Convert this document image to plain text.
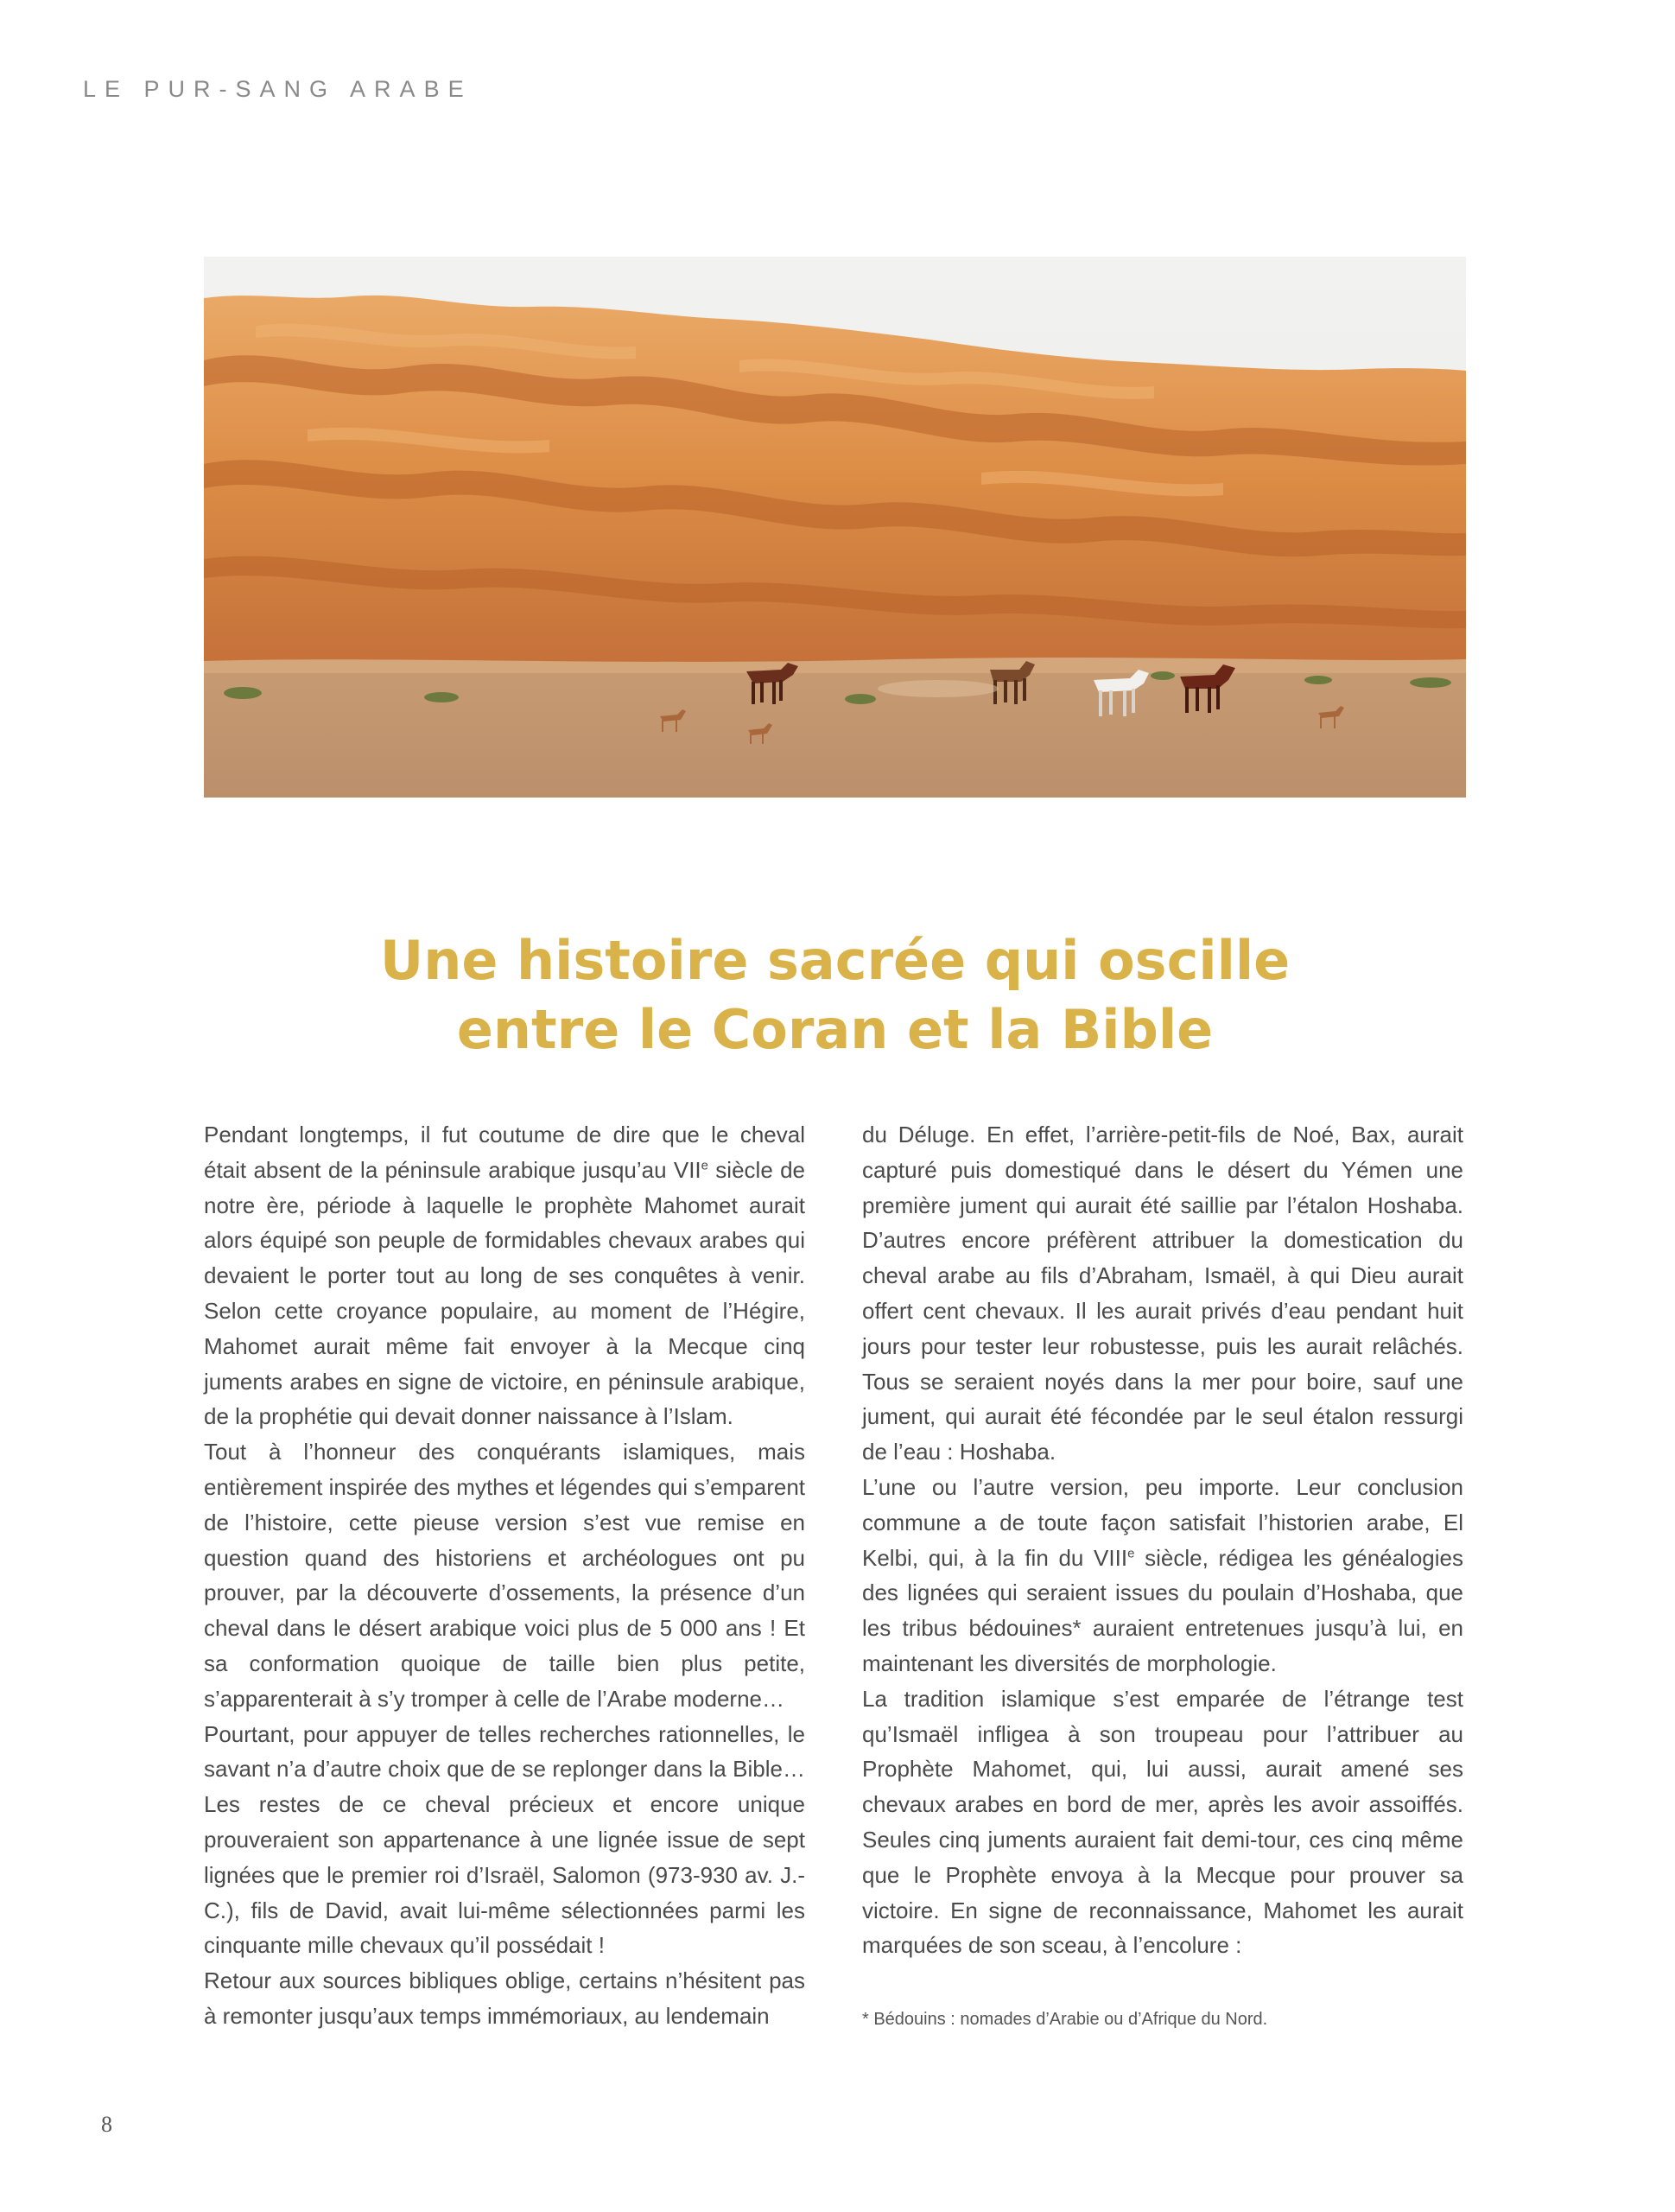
LE PUR-SANG ARABE
Une histoire sacrée qui oscille
entre le Coran et la Bible

Pendant longtemps, il fut coutume de dire que le cheval était absent de la péninsule arabique jusqu’au VIIe siècle de notre ère, période à laquelle le prophète Mahomet aurait alors équipé son peuple de formidables chevaux arabes qui devaient le porter tout au long de ses conquêtes à venir. Selon cette croyance populaire, au moment de l’Hégire, Mahomet aurait même fait envoyer à la Mecque cinq juments arabes en signe de victoire, en péninsule arabique, de la prophétie qui devait donner naissance à l’Islam.

Tout à l’honneur des conquérants islamiques, mais entièrement inspirée des mythes et légendes qui s’emparent de l’histoire, cette pieuse version s’est vue remise en question quand des historiens et archéologues ont pu prouver, par la découverte d’ossements, la présence d’un cheval dans le désert arabique voici plus de 5 000 ans ! Et sa conformation quoique de taille bien plus petite, s’apparenterait à s’y tromper à celle de l’Arabe moderne…

Pourtant, pour appuyer de telles recherches rationnelles, le savant n’a d’autre choix que de se replonger dans la Bible… Les restes de ce cheval précieux et encore unique prouveraient son appartenance à une lignée issue de sept lignées que le premier roi d’Israël, Salomon (973-930 av. J.-C.), fils de David, avait lui-même sélectionnées parmi les cinquante mille chevaux qu’il possédait !

Retour aux sources bibliques oblige, certains n’hésitent pas à remonter jusqu’aux temps immémoriaux, au lendemain

du Déluge. En effet, l’arrière-petit-fils de Noé, Bax, aurait capturé puis domestiqué dans le désert du Yémen une première jument qui aurait été saillie par l’étalon Hoshaba. D’autres encore préfèrent attribuer la domestication du cheval arabe au fils d’Abraham, Ismaël, à qui Dieu aurait offert cent chevaux. Il les aurait privés d’eau pendant huit jours pour tester leur robustesse, puis les aurait relâchés. Tous se seraient noyés dans la mer pour boire, sauf une jument, qui aurait été fécondée par le seul étalon ressurgi de l’eau : Hoshaba.

L’une ou l’autre version, peu importe. Leur conclusion commune a de toute façon satisfait l’historien arabe, El Kelbi, qui, à la fin du VIIIe siècle, rédigea les généalogies des lignées qui seraient issues du poulain d’Hoshaba, que les tribus bédouines* auraient entretenues jusqu’à lui, en maintenant les diversités de morphologie.

La tradition islamique s’est emparée de l’étrange test qu’Ismaël infligea à son troupeau pour l’attribuer au Prophète Mahomet, qui, lui aussi, aurait amené ses chevaux arabes en bord de mer, après les avoir assoiffés. Seules cinq juments auraient fait demi-tour, ces cinq même que le Prophète envoya à la Mecque pour prouver sa victoire. En signe de reconnaissance, Mahomet les aurait marquées de son sceau, à l’encolure :

* Bédouins : nomades d’Arabie ou d’Afrique du Nord.
8
